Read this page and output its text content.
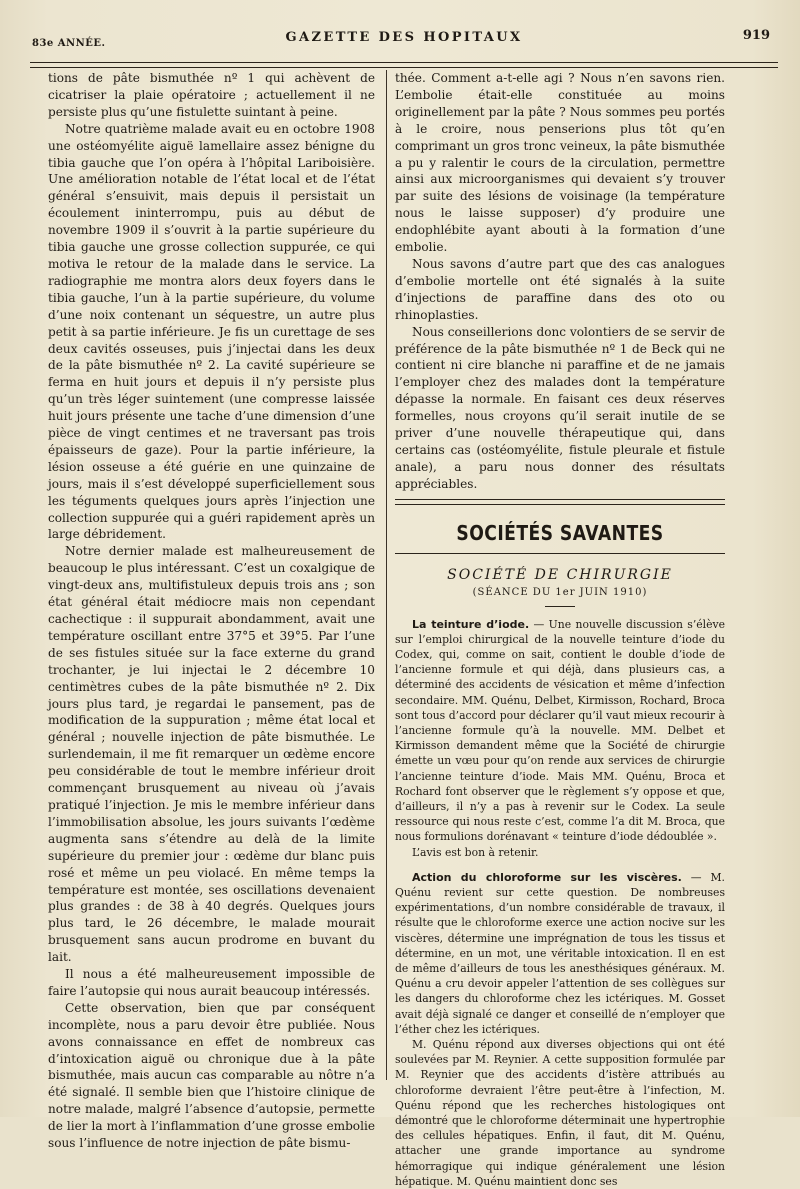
83e ANNÉE.	GAZETTE DES HOPITAUX	919

tions de pâte bismuthée nº 1 qui achèvent de cicatriser la plaie opératoire ; actuellement il ne persiste plus qu’une fistulette suintant à peine.

Notre quatrième malade avait eu en octobre 1908 une ostéomyélite aiguë lamellaire assez bénigne du tibia gauche que l’on opéra à l’hôpital Lariboisière. Une amélioration notable de l’état local et de l’état général s’ensuivit, mais depuis il persistait un écoulement ininterrompu, puis au début de novembre 1909 il s’ouvrit à la partie supérieure du tibia gauche une grosse collection suppurée, ce qui motiva le retour de la malade dans le service. La radiographie me montra alors deux foyers dans le tibia gauche, l’un à la partie supérieure, du volume d’une noix contenant un séquestre, un autre plus petit à sa partie inférieure. Je fis un curettage de ses deux cavités osseuses, puis j’injectai dans les deux de la pâte bismuthée nº 2. La cavité supérieure se ferma en huit jours et depuis il n’y persiste plus qu’un très léger suintement (une compresse laissée huit jours présente une tache d’une dimension d’une pièce de vingt centimes et ne traversant pas trois épaisseurs de gaze). Pour la partie inférieure, la lésion osseuse a été guérie en une quinzaine de jours, mais il s’est développé superficiellement sous les téguments quelques jours après l’injection une collection suppurée qui a guéri rapidement après un large débridement.

Notre dernier malade est malheureusement de beaucoup le plus intéressant. C’est un coxalgique de vingt-deux ans, multifistuleux depuis trois ans ; son état général était médiocre mais non cependant cachectique : il suppurait abondamment, avait une température oscillant entre 37°5 et 39°5. Par l’une de ses fistules située sur la face externe du grand trochanter, je lui injectai le 2 décembre 10 centimètres cubes de la pâte bismuthée nº 2. Dix jours plus tard, je regardai le pansement, pas de modification de la suppuration ; même état local et général ; nouvelle injection de pâte bismuthée. Le surlendemain, il me fit remarquer un œdème encore peu considérable de tout le membre inférieur droit commençant brusquement au niveau où j’avais pratiqué l’injection. Je mis le membre inférieur dans l’immobilisation absolue, les jours suivants l’œdème augmenta sans s’étendre au delà de la limite supérieure du premier jour : œdème dur blanc puis rosé et même un peu violacé. En même temps la température est montée, ses oscillations devenaient plus grandes : de 38 à 40 degrés. Quelques jours plus tard, le 26 décembre, le malade mourait brusquement sans aucun prodrome en buvant du lait.

Il nous a été malheureusement impossible de faire l’autopsie qui nous aurait beaucoup intéressés.

Cette observation, bien que par conséquent incomplète, nous a paru devoir être publiée. Nous avons connaissance en effet de nombreux cas d’intoxication aiguë ou chronique due à la pâte bismuthée, mais aucun cas comparable au nôtre n’a été signalé. Il semble bien que l’histoire clinique de notre malade, malgré l’absence d’autopsie, permette de lier la mort à l’inflammation d’une grosse embolie sous l’influence de notre injection de pâte bismu-

thée. Comment a-t-elle agi ? Nous n’en savons rien. L’embolie était-elle constituée au moins originellement par la pâte ? Nous sommes peu portés à le croire, nous penserions plus tôt qu’en comprimant un gros tronc veineux, la pâte bismuthée a pu y ralentir le cours de la circulation, permettre ainsi aux microorganismes qui devaient s’y trouver par suite des lésions de voisinage (la température nous le laisse supposer) d’y produire une endophlébite ayant abouti à la formation d’une embolie.

Nous savons d’autre part que des cas analogues d’embolie mortelle ont été signalés à la suite d’injections de paraffine dans des oto ou rhinoplasties.

Nous conseillerions donc volontiers de se servir de préférence de la pâte bismuthée nº 1 de Beck qui ne contient ni cire blanche ni paraffine et de ne jamais l’employer chez des malades dont la température dépasse la normale. En faisant ces deux réserves formelles, nous croyons qu’il serait inutile de se priver d’une nouvelle thérapeutique qui, dans certains cas (ostéomyélite, fistule pleurale et fistule anale), a paru nous donner des résultats appréciables.

SOCIÉTÉS SAVANTES
SOCIÉTÉ DE CHIRURGIE
(SÉANCE DU 1er JUIN 1910)

La teinture d’iode. — Une nouvelle discussion s’élève sur l’emploi chirurgical de la nouvelle teinture d’iode du Codex, qui, comme on sait, contient le double d’iode de l’ancienne formule et qui déjà, dans plusieurs cas, a déterminé des accidents de vésication et même d’infection secondaire. MM. Quénu, Delbet, Kirmisson, Rochard, Broca sont tous d’accord pour déclarer qu’il vaut mieux recourir à l’ancienne formule qu’à la nouvelle. MM. Delbet et Kirmisson demandent même que la Société de chirurgie émette un vœu pour qu’on rende aux services de chirurgie l’ancienne teinture d’iode. Mais MM. Quénu, Broca et Rochard font observer que le règlement s’y oppose et que, d’ailleurs, il n’y a pas à revenir sur le Codex. La seule ressource qui nous reste c’est, comme l’a dit M. Broca, que nous formulions dorénavant « teinture d’iode dédoublée ».

L’avis est bon à retenir.

Action du chloroforme sur les viscères. — M. Quénu revient sur cette question. De nombreuses expérimentations, d’un nombre considérable de travaux, il résulte que le chloroforme exerce une action nocive sur les viscères, détermine une imprégnation de tous les tissus et détermine, en un mot, une véritable intoxication. Il en est de même d’ailleurs de tous les anesthésiques généraux. M. Quénu a cru devoir appeler l’attention de ses collègues sur les dangers du chloroforme chez les ictériques. M. Gosset avait déjà signalé ce danger et conseillé de n’employer que l’éther chez les ictériques.

M. Quénu répond aux diverses objections qui ont été soulevées par M. Reynier. A cette supposition formulée par M. Reynier que des accidents d’istère attribués au chloroforme devraient l’être peut-être à l’infection, M. Quénu répond que les recherches histologiques ont démontré que le chloroforme déterminait une hypertrophie des cellules hépatiques. Enfin, il faut, dit M. Quénu, attacher une grande importance au syndrome hémorragique qui indique généralement une lésion hépatique. M. Quénu maintient donc ses
